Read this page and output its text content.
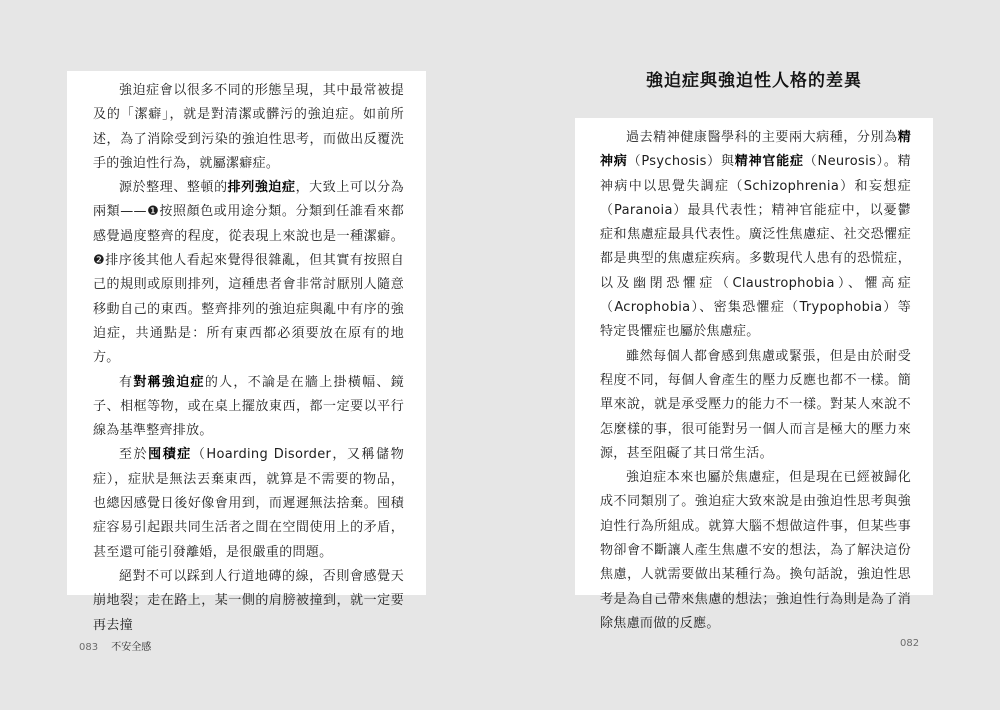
強迫症會以很多不同的形態呈現，其中最常被提及的「潔癖」，就是對清潔或髒污的強迫症。如前所述，為了消除受到污染的強迫性思考，而做出反覆洗手的強迫性行為，就屬潔癖症。

源於整理、整頓的排列強迫症，大致上可以分為兩類——❶按照顏色或用途分類。分類到任誰看來都感覺過度整齊的程度，從表現上來說也是一種潔癖。❷排序後其他人看起來覺得很雜亂，但其實有按照自己的規則或原則排列，這種患者會非常討厭別人隨意移動自己的東西。整齊排列的強迫症與亂中有序的強迫症，共通點是：所有東西都必須要放在原有的地方。

有對稱強迫症的人，不論是在牆上掛橫幅、鏡子、相框等物，或在桌上擺放東西，都一定要以平行線為基準整齊排放。

至於囤積症（Hoarding Disorder，又稱儲物症），症狀是無法丟棄東西，就算是不需要的物品，也總因感覺日後好像會用到，而遲遲無法捨棄。囤積症容易引起跟共同生活者之間在空間使用上的矛盾，甚至還可能引發離婚，是很嚴重的問題。

絕對不可以踩到人行道地磚的線，否則會感覺天崩地裂；走在路上，某一側的肩膀被撞到，就一定要再去撞

強迫症與強迫性人格的差異

過去精神健康醫學科的主要兩大病種，分別為精神病（Psychosis）與精神官能症（Neurosis）。精神病中以思覺失調症（Schizophrenia）和妄想症（Paranoia）最具代表性；精神官能症中，以憂鬱症和焦慮症最具代表性。廣泛性焦慮症、社交恐懼症都是典型的焦慮症疾病。多數現代人患有的恐慌症，以及幽閉恐懼症（Claustrophobia）、懼高症（Acrophobia）、密集恐懼症（Trypophobia）等特定畏懼症也屬於焦慮症。

雖然每個人都會感到焦慮或緊張，但是由於耐受程度不同，每個人會產生的壓力反應也都不一樣。簡單來說，就是承受壓力的能力不一樣。對某人來說不怎麼樣的事，很可能對另一個人而言是極大的壓力來源，甚至阻礙了其日常生活。

強迫症本來也屬於焦慮症，但是現在已經被歸化成不同類別了。強迫症大致來說是由強迫性思考與強迫性行為所組成。就算大腦不想做這件事，但某些事物卻會不斷讓人產生焦慮不安的想法，為了解決這份焦慮，人就需要做出某種行為。換句話說，強迫性思考是為自己帶來焦慮的想法；強迫性行為則是為了消除焦慮而做的反應。

083 不安全感	082
